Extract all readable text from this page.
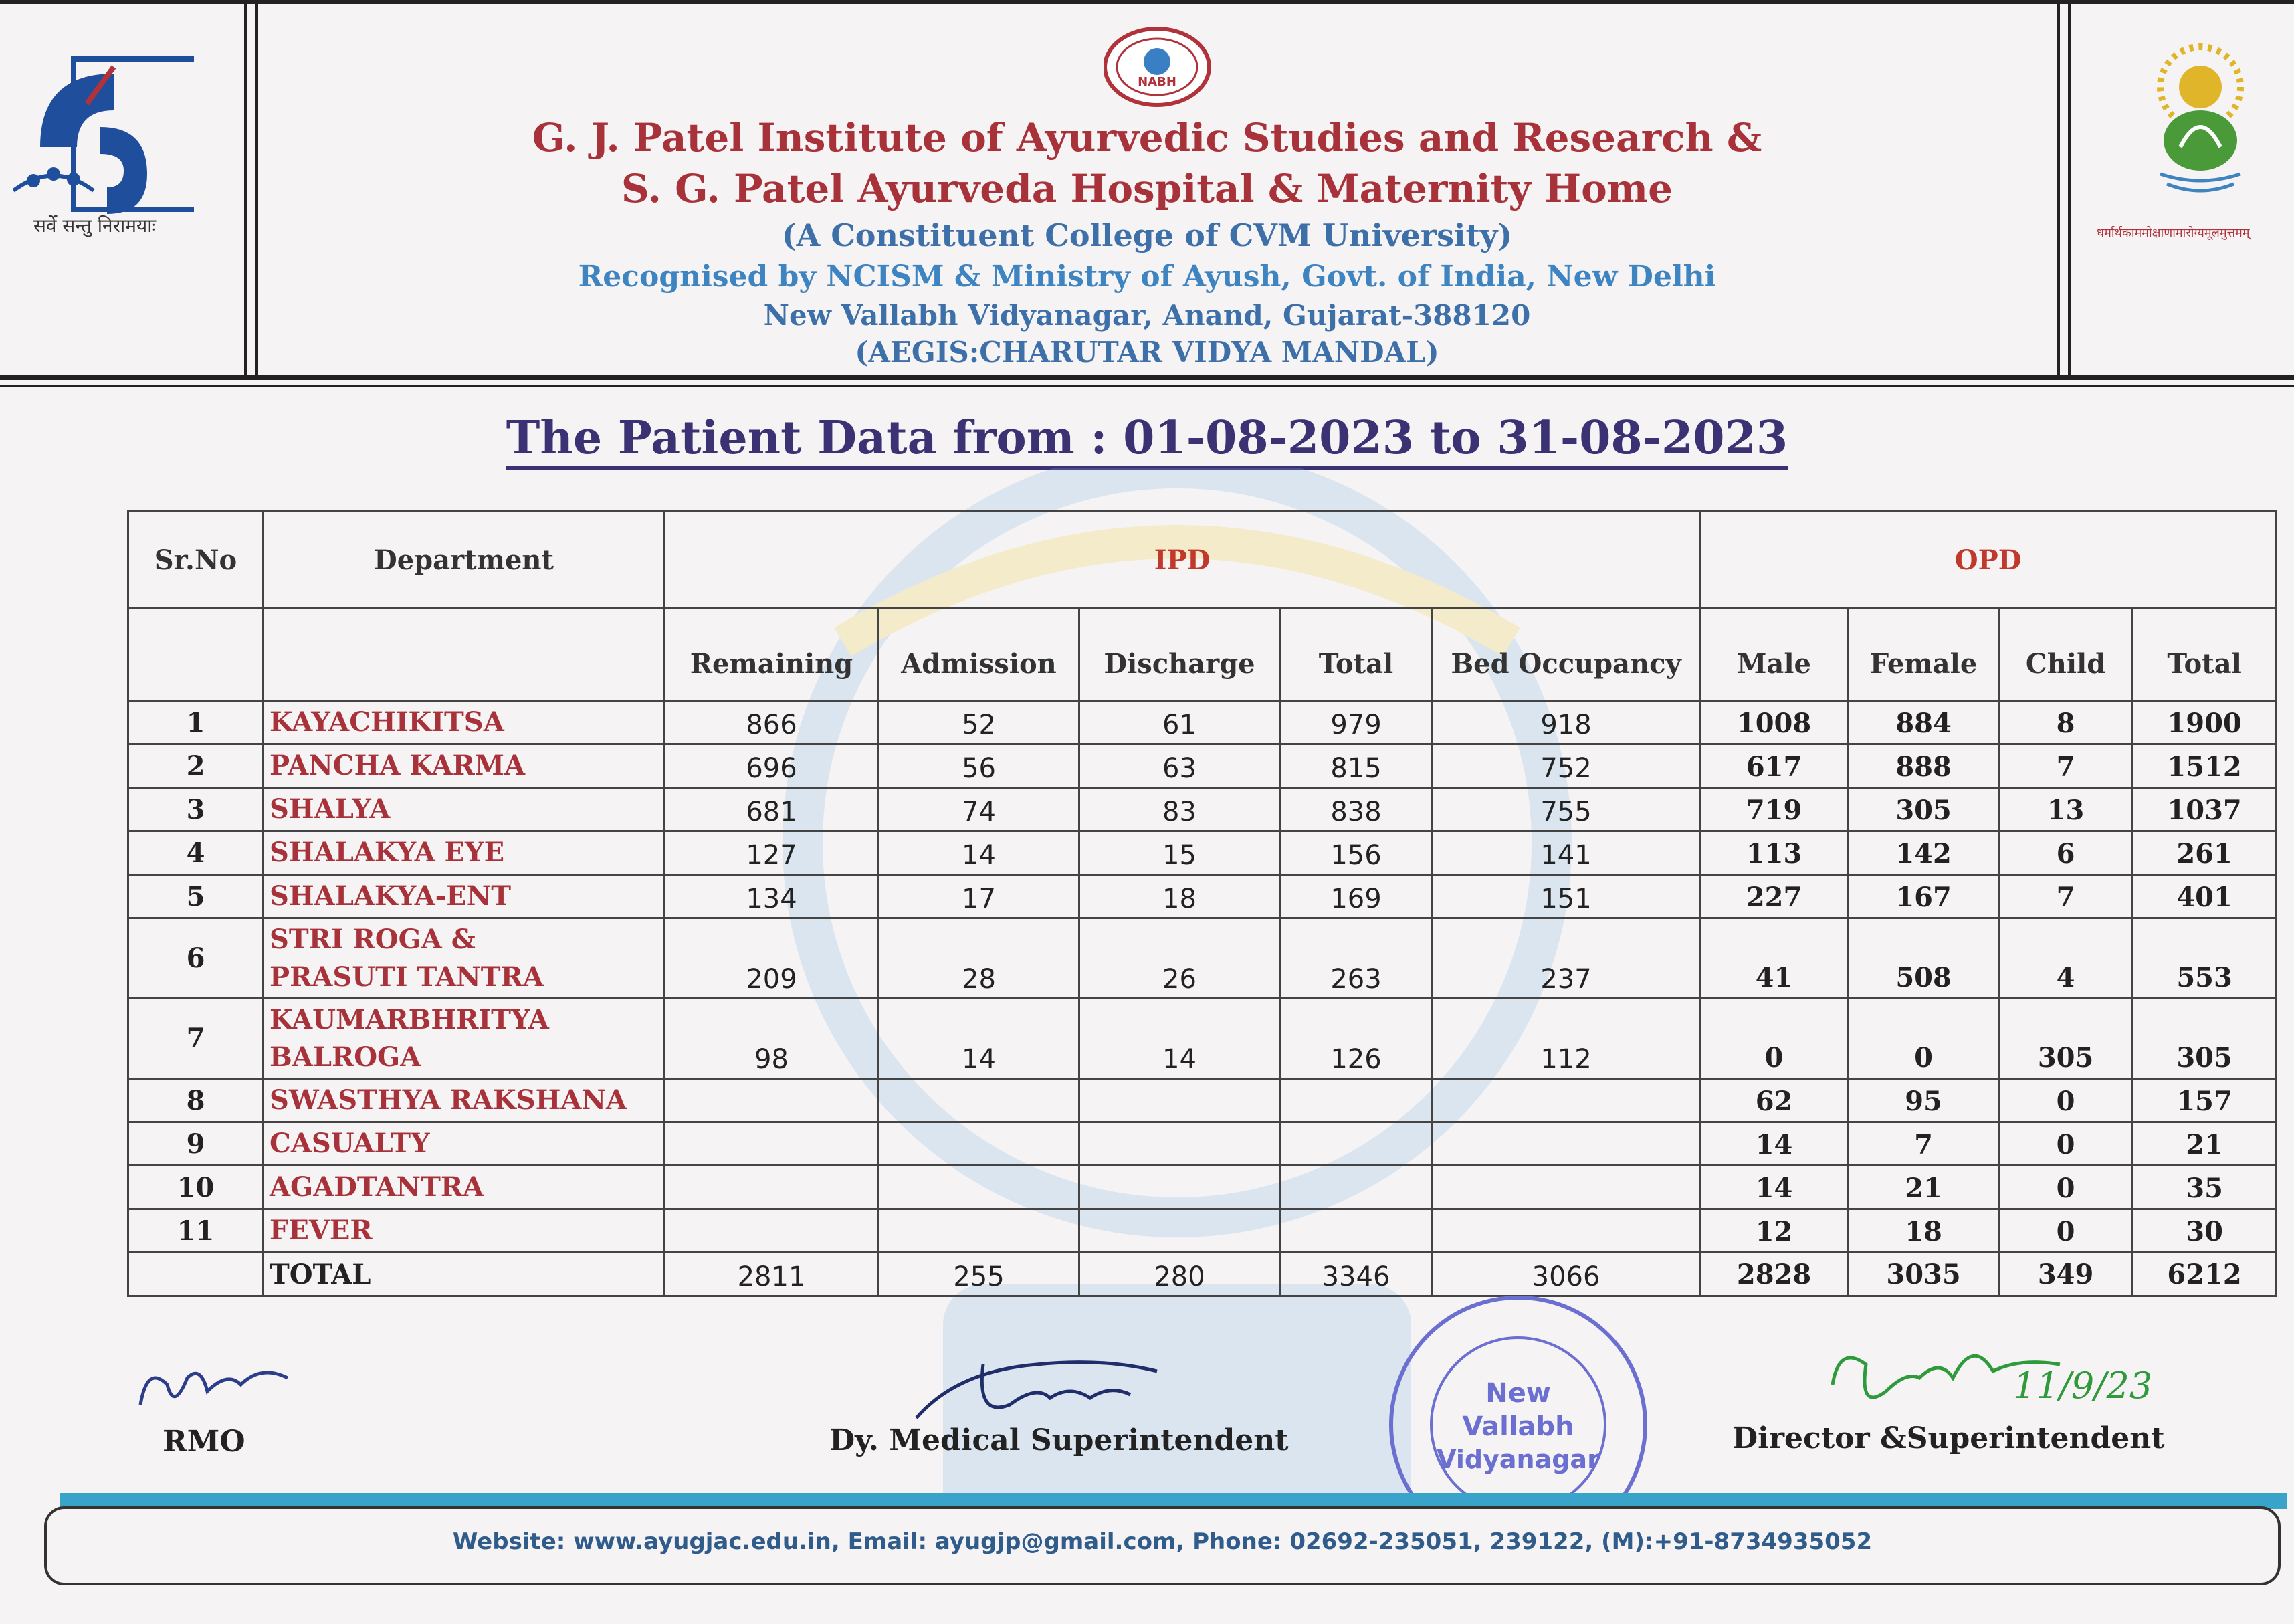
सर्वे सन्तु निरामयाः
NABH
धर्मार्थकाममोक्षाणामारोग्यमूलमुत्तमम्
G. J. Patel Institute of Ayurvedic Studies and Research &
S. G. Patel Ayurveda Hospital & Maternity Home
(A Constituent College of CVM University)
Recognised by NCISM & Ministry of Ayush, Govt. of India, New Delhi
New Vallabh Vidyanagar, Anand, Gujarat-388120
(AEGIS:CHARUTAR VIDYA MANDAL)
The Patient Data from : 01-08-2023 to 31-08-2023
Sr.No	Department	IPD					OPD			
		Remaining	Admission	Discharge	Total	Bed Occupancy	Male	Female	Child	Total
1	KAYACHIKITSA	866	52	61	979	918	1008	884	8	1900
2	PANCHA KARMA	696	56	63	815	752	617	888	7	1512
3	SHALYA	681	74	83	838	755	719	305	13	1037
4	SHALAKYA EYE	127	14	15	156	141	113	142	6	261
5	SHALAKYA-ENT	134	17	18	169	151	227	167	7	401
6	STRI ROGA &
PRASUTI TANTRA	209	28	26	263	237	41	508	4	553
7	KAUMARBHRITYA
BALROGA	98	14	14	126	112	0	0	305	305
8	SWASTHYA RAKSHANA						62	95	0	157
9	CASUALTY						14	7	0	21
10	AGADTANTRA						14	21	0	35
11	FEVER						12	18	0	30
	TOTAL	2811	255	280	3346	3066	2828	3035	349	6212
RMO	Dy. Medical Superintendent
New
Vallabh
Vidyanagar
11/9/23
Director &Superintendent
Website: www.ayugjac.edu.in, Email: ayugjp@gmail.com, Phone: 02692-235051, 239122, (M):+91-8734935052
